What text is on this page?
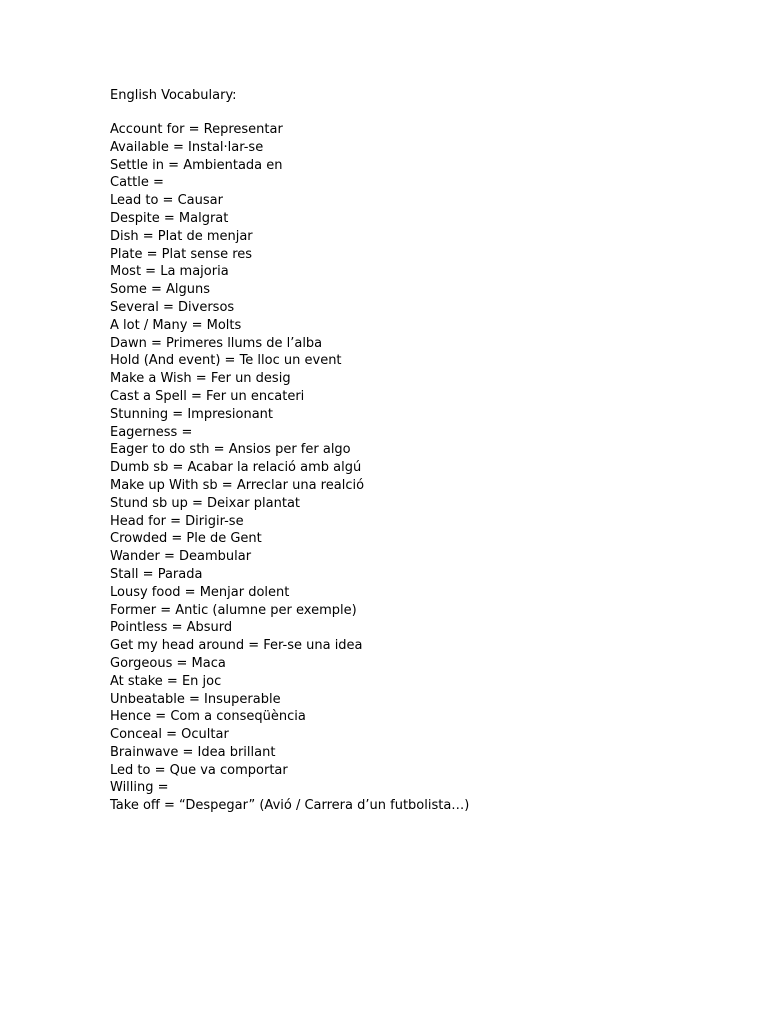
English Vocabulary:
Account for = Representar
Available = Instal·lar-se
Settle in = Ambientada en
Cattle =
Lead to = Causar
Despite = Malgrat
Dish = Plat de menjar
Plate = Plat sense res
Most = La majoria
Some = Alguns
Several = Diversos
A lot / Many = Molts
Dawn = Primeres llums de l’alba
Hold (And event) = Te lloc un event
Make a Wish = Fer un desig
Cast a Spell = Fer un encateri
Stunning = Impresionant
Eagerness =
Eager to do sth = Ansios per fer algo
Dumb sb = Acabar la relació amb algú
Make up With sb = Arreclar una realció
Stund sb up = Deixar plantat
Head for = Dirigir-se
Crowded = Ple de Gent
Wander = Deambular
Stall = Parada
Lousy food = Menjar dolent
Former = Antic (alumne per exemple)
Pointless = Absurd
Get my head around = Fer-se una idea
Gorgeous = Maca
At stake = En joc
Unbeatable = Insuperable
Hence = Com a conseqüència
Conceal = Ocultar
Brainwave = Idea brillant
Led to = Que va comportar
Willing =
Take off = “Despegar” (Avió / Carrera d’un futbolista…)
